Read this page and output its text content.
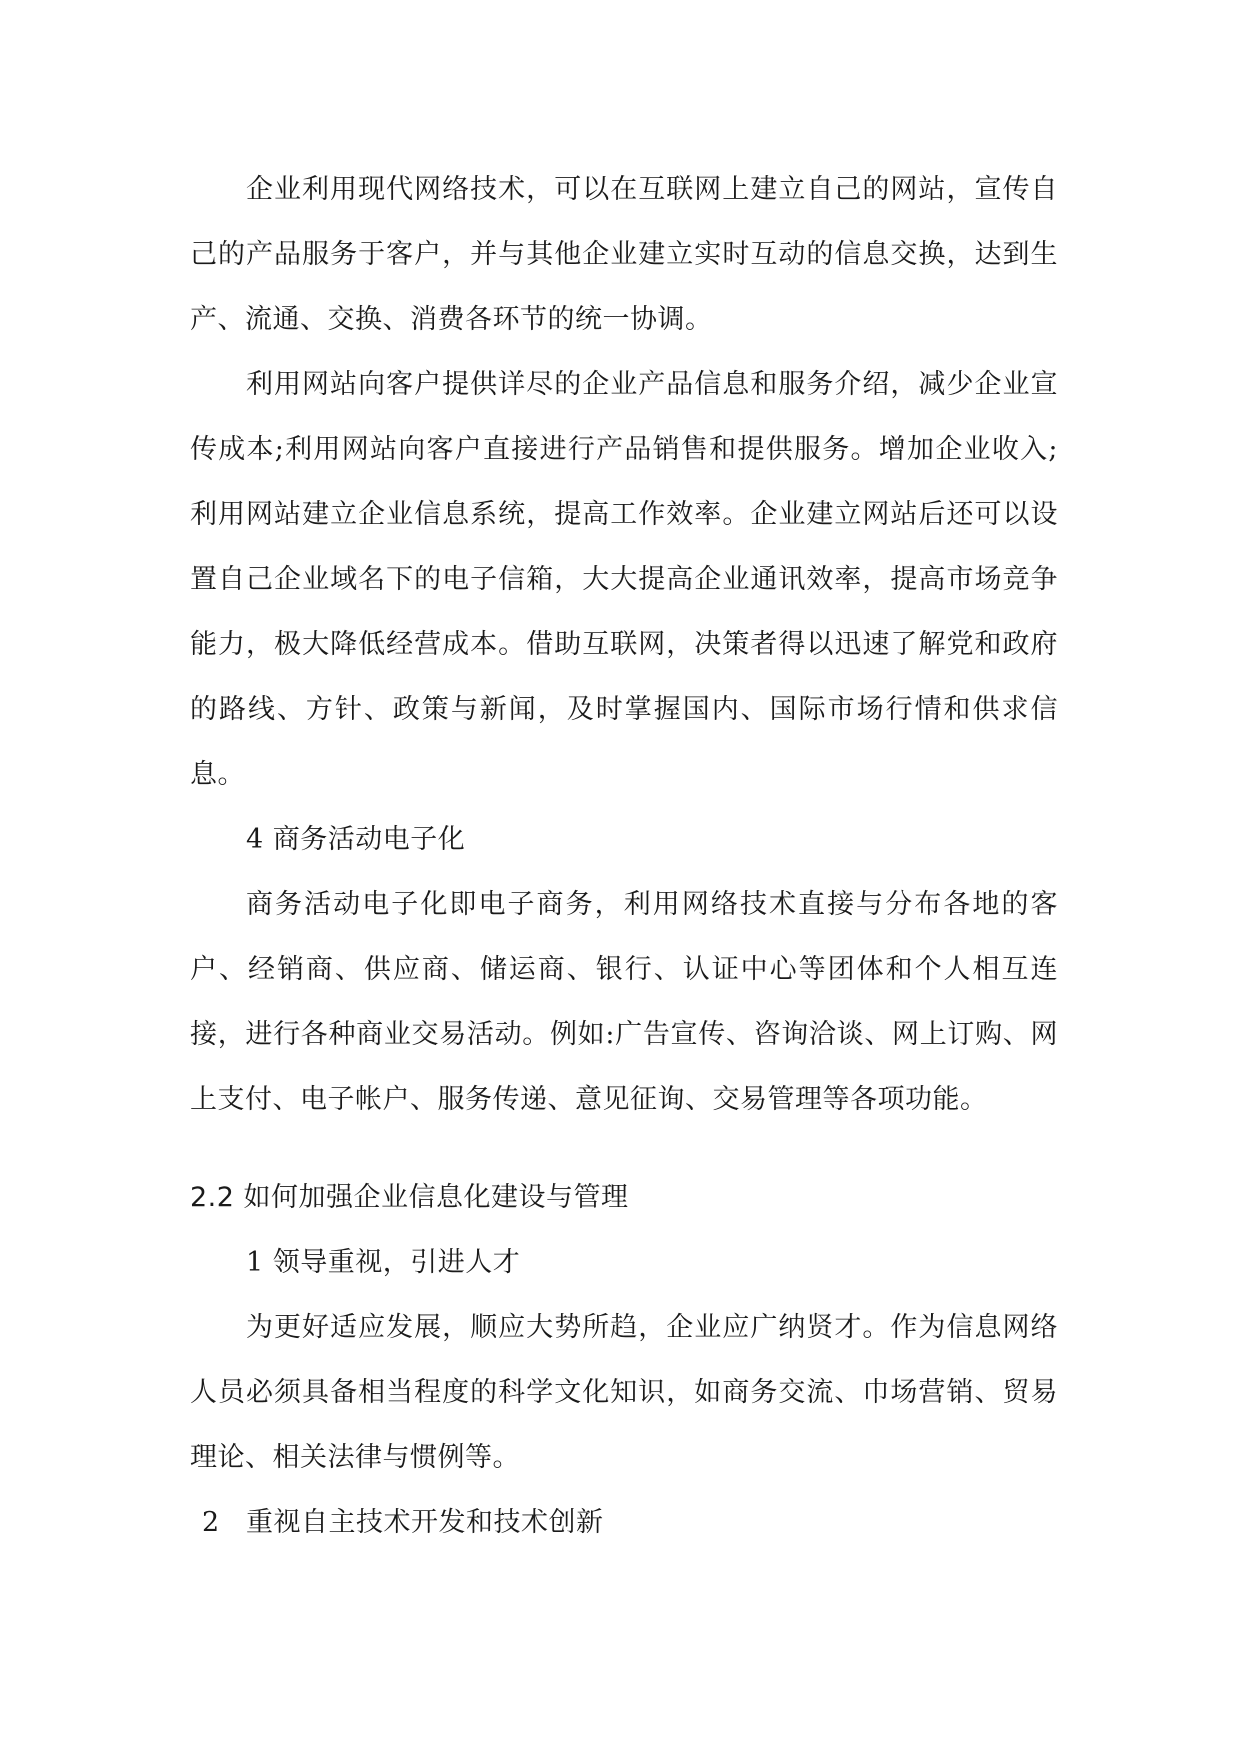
企业利用现代网络技术，可以在互联网上建立自己的网站，宣传自己的产品服务于客户，并与其他企业建立实时互动的信息交换，达到生产、流通、交换、消费各环节的统一协调。

利用网站向客户提供详尽的企业产品信息和服务介绍，减少企业宣传成本;利用网站向客户直接进行产品销售和提供服务。增加企业收入;利用网站建立企业信息系统，提高工作效率。企业建立网站后还可以设置自己企业域名下的电子信箱，大大提高企业通讯效率，提高市场竞争能力，极大降低经营成本。借助互联网，决策者得以迅速了解党和政府的路线、方针、政策与新闻，及时掌握国内、国际市场行情和供求信息。

4 商务活动电子化

商务活动电子化即电子商务，利用网络技术直接与分布各地的客户、经销商、供应商、储运商、银行、认证中心等团体和个人相互连接，进行各种商业交易活动。例如:广告宣传、咨询洽谈、网上订购、网上支付、电子帐户、服务传递、意见征询、交易管理等各项功能。

2.2 如何加强企业信息化建设与管理

1 领导重视，引进人才

为更好适应发展，顺应大势所趋，企业应广纳贤才。作为信息网络人员必须具备相当程度的科学文化知识，如商务交流、巾场营销、贸易理论、相关法律与惯例等。

2 重视自主技术开发和技术创新
